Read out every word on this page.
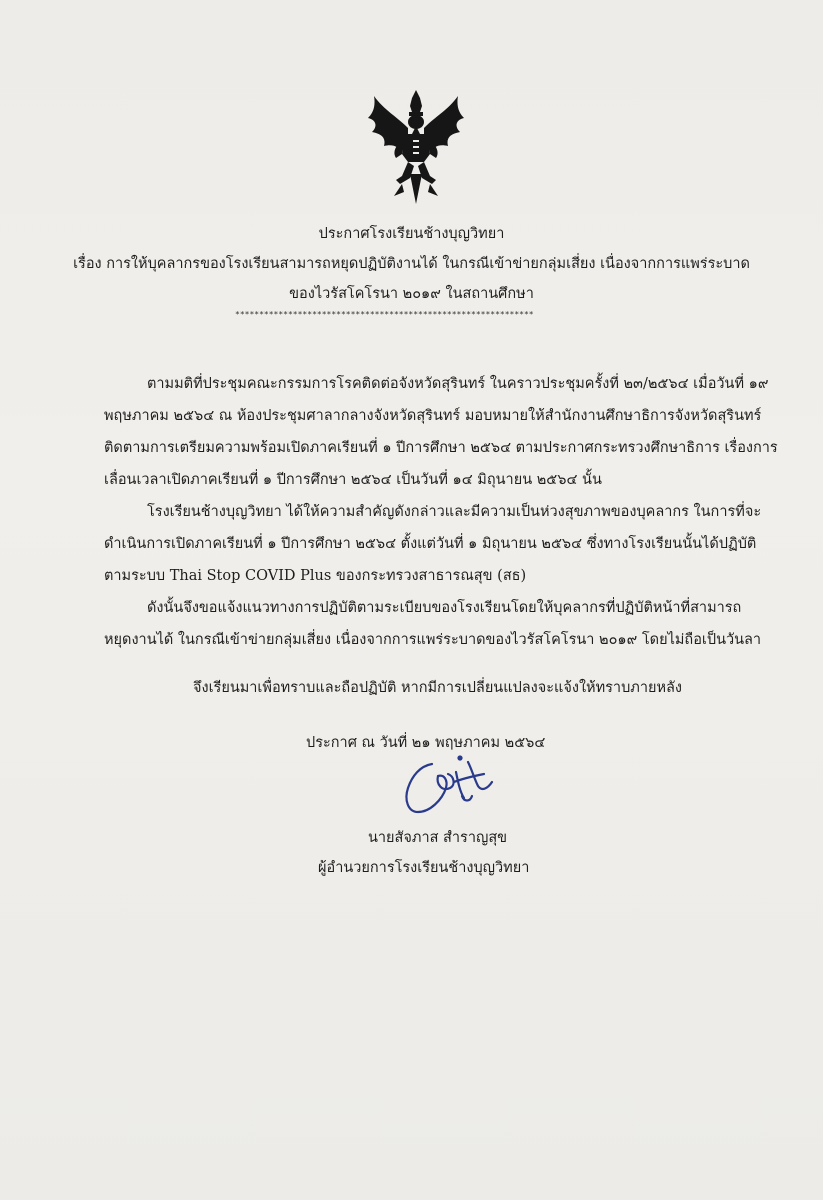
ประกาศโรงเรียนช้างบุญวิทยา
เรื่อง การให้บุคลากรของโรงเรียนสามารถหยุดปฏิบัติงานได้ ในกรณีเข้าข่ายกลุ่มเสี่ยง เนื่องจากการแพร่ระบาด
ของไวรัสโคโรนา ๒๐๑๙ ในสถานศึกษา
**************************************************************
ตามมติที่ประชุมคณะกรรมการโรคติดต่อจังหวัดสุรินทร์ ในคราวประชุมครั้งที่ ๒๓/๒๕๖๔ เมื่อวันที่ ๑๙
พฤษภาคม ๒๕๖๔ ณ ห้องประชุมศาลากลางจังหวัดสุรินทร์ มอบหมายให้สำนักงานศึกษาธิการจังหวัดสุรินทร์
ติดตามการเตรียมความพร้อมเปิดภาคเรียนที่ ๑ ปีการศึกษา ๒๕๖๔ ตามประกาศกระทรวงศึกษาธิการ เรื่องการ
เลื่อนเวลาเปิดภาคเรียนที่ ๑ ปีการศึกษา ๒๕๖๔ เป็นวันที่ ๑๔ มิถุนายน ๒๕๖๔ นั้น
โรงเรียนช้างบุญวิทยา ได้ให้ความสำคัญดังกล่าวและมีความเป็นห่วงสุขภาพของบุคลากร ในการที่จะ
ดำเนินการเปิดภาคเรียนที่ ๑ ปีการศึกษา ๒๕๖๔ ตั้งแต่วันที่ ๑ มิถุนายน ๒๕๖๔ ซึ่งทางโรงเรียนนั้นได้ปฏิบัติ
ตามระบบ Thai Stop COVID Plus ของกระทรวงสาธารณสุข (สธ)
ดังนั้นจึงขอแจ้งแนวทางการปฏิบัติตามระเบียบของโรงเรียนโดยให้บุคลากรที่ปฏิบัติหน้าที่สามารถ
หยุดงานได้ ในกรณีเข้าข่ายกลุ่มเสี่ยง เนื่องจากการแพร่ระบาดของไวรัสโคโรนา ๒๐๑๙ โดยไม่ถือเป็นวันลา
จึงเรียนมาเพื่อทราบและถือปฏิบัติ หากมีการเปลี่ยนแปลงจะแจ้งให้ทราบภายหลัง
ประกาศ ณ วันที่ ๒๑ พฤษภาคม ๒๕๖๔
นายสัจภาส สำราญสุข
ผู้อำนวยการโรงเรียนช้างบุญวิทยา
